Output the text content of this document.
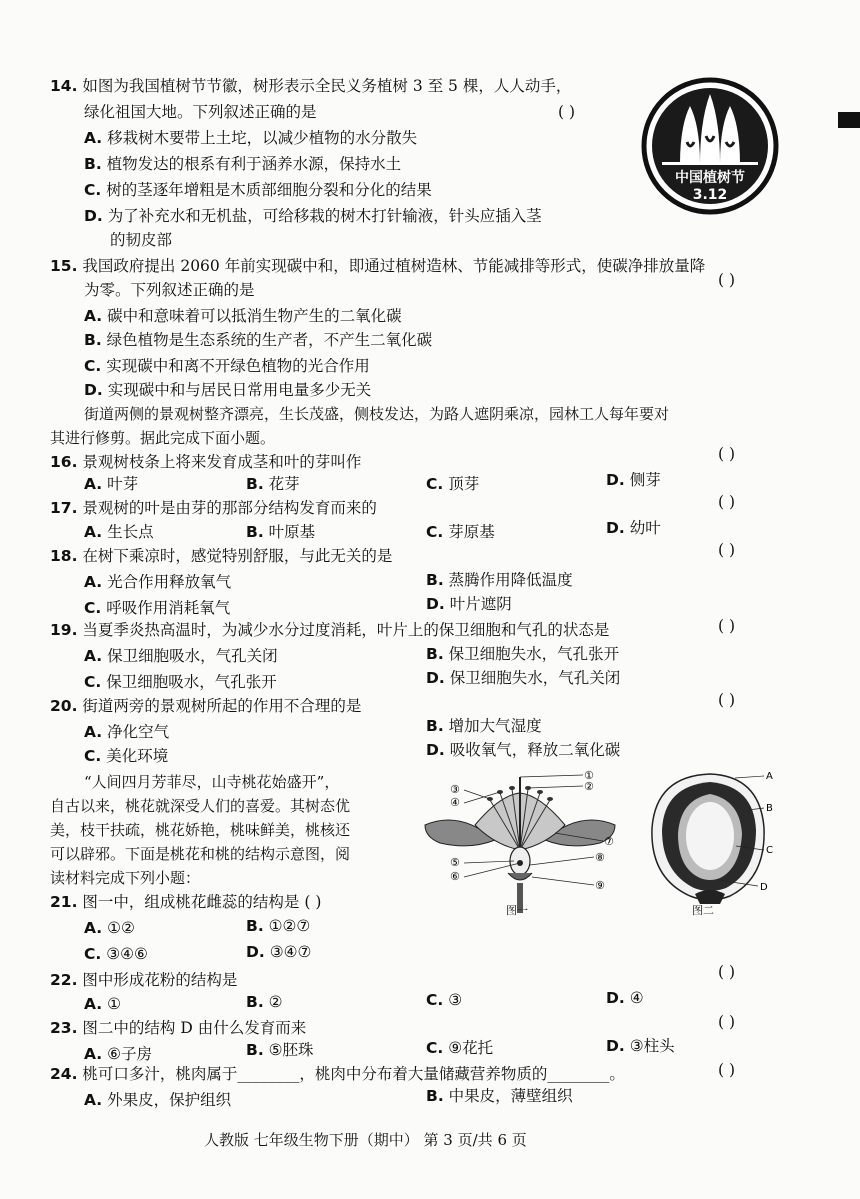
中国植树节
3.12
14. 如图为我国植树节节徽，树形表示全民义务植树 3 至 5 棵，人人动手，
绿化祖国大地。下列叙述正确的是	( )
A. 移栽树木要带上土坨，以减少植物的水分散失
B. 植物发达的根系有利于涵养水源，保持水土
C. 树的茎逐年增粗是木质部细胞分裂和分化的结果
D. 为了补充水和无机盐，可给移栽的树木打针输液，针头应插入茎
的韧皮部
15. 我国政府提出 2060 年前实现碳中和，即通过植树造林、节能减排等形式，使碳净排放量降
为零。下列叙述正确的是
( )
A. 碳中和意味着可以抵消生物产生的二氧化碳
B. 绿色植物是生态系统的生产者，不产生二氧化碳
C. 实现碳中和离不开绿色植物的光合作用
D. 实现碳中和与居民日常用电量多少无关
街道两侧的景观树整齐漂亮，生长茂盛，侧枝发达，为路人遮阴乘凉，园林工人每年要对
其进行修剪。据此完成下面小题。
16. 景观树枝条上将来发育成茎和叶的芽叫作	( )
A. 叶芽	B. 花芽	C. 顶芽	D. 侧芽
17. 景观树的叶是由芽的那部分结构发育而来的	( )
A. 生长点	B. 叶原基	C. 芽原基	D. 幼叶
18. 在树下乘凉时，感觉特别舒服，与此无关的是	( )
A. 光合作用释放氧气	B. 蒸腾作用降低温度
C. 呼吸作用消耗氧气	D. 叶片遮阴
19. 当夏季炎热高温时，为减少水分过度消耗，叶片上的保卫细胞和气孔的状态是	( )
A. 保卫细胞吸水，气孔关闭	B. 保卫细胞失水，气孔张开
C. 保卫细胞吸水，气孔张开	D. 保卫细胞失水，气孔关闭
20. 街道两旁的景观树所起的作用不合理的是	( )
A. 净化空气	B. 增加大气湿度
C. 美化环境	D. 吸收氧气，释放二氧化碳
“人间四月芳菲尽，山寺桃花始盛开”，
自古以来，桃花就深受人们的喜爱。其树态优
美，枝干扶疏，桃花娇艳，桃味鲜美，桃核还
可以辟邪。下面是桃花和桃的结构示意图，阅
读材料完成下列小题：
③
④
⑤
⑥
①
②
⑦
⑧
⑨
图一
A
B
C
D
图二
21. 图一中，组成桃花雌蕊的结构是 ( )
A. ①②	B. ①②⑦
C. ③④⑥	D. ③④⑦
22. 图中形成花粉的结构是	( )
A. ①	B. ②	C. ③	D. ④
23. 图二中的结构 D 由什么发育而来	( )
A. ⑥子房	B. ⑤胚珠	C. ⑨花托	D. ③柱头
24. 桃可口多汁，桃肉属于________，桃肉中分布着大量储藏营养物质的________。	( )
A. 外果皮，保护组织	B. 中果皮，薄壁组织
人教版 七年级生物下册（期中） 第 3 页/共 6 页
